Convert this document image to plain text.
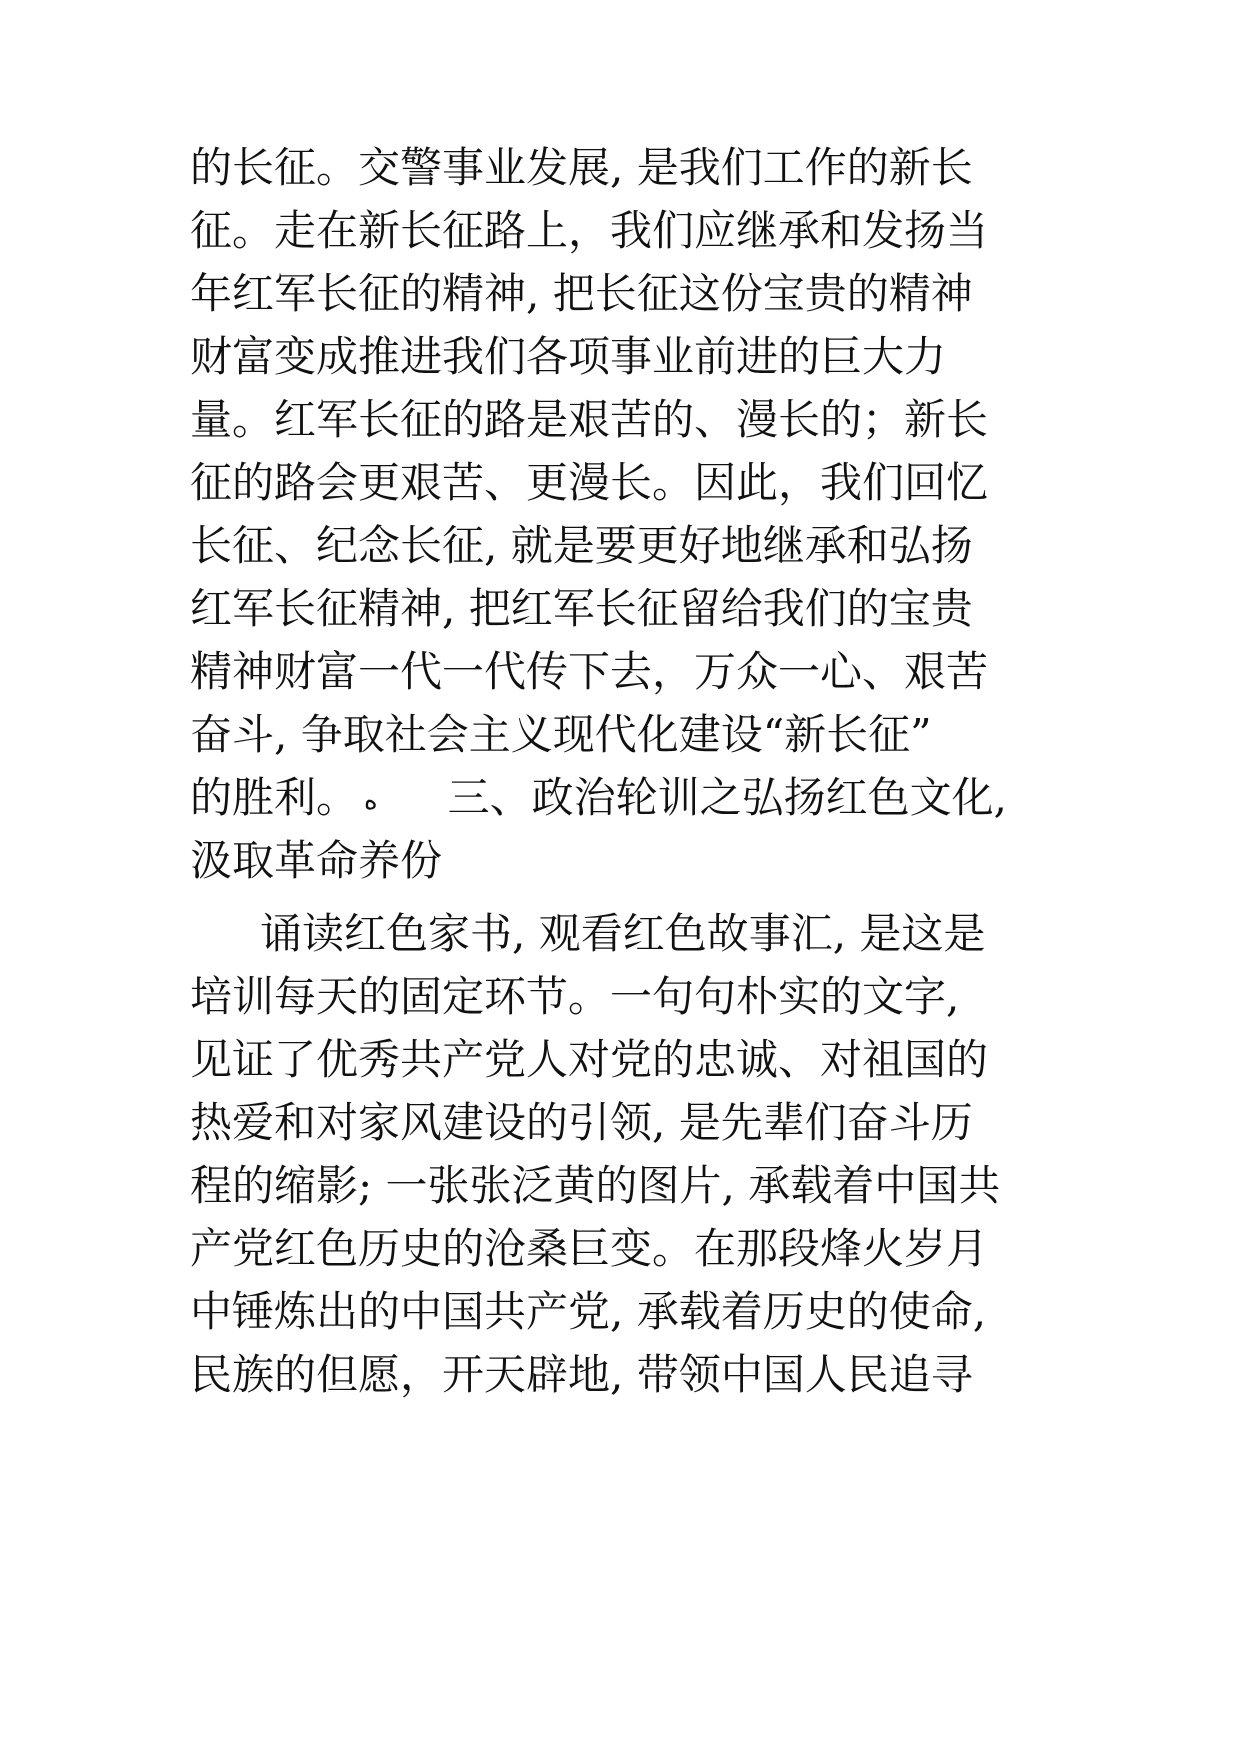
的长征。交警事业发展, 是我们工作的新长
征。走在新长征路上，我们应继承和发扬当
年红军长征的精神, 把长征这份宝贵的精神
财富变成推进我们各项事业前进的巨大力
量。红军长征的路是艰苦的、漫长的；新长
征的路会更艰苦、更漫长。因此，我们回忆
长征、纪念长征, 就是要更好地继承和弘扬
红军长征精神, 把红军长征留给我们的宝贵
精神财富一代一代传下去，万众一心、艰苦
奋斗, 争取社会主义现代化建设“新长征”
的胜利。 ه 三、政治轮训之弘扬红色文化,
汲取革命养份
诵读红色家书, 观看红色故事汇, 是这是
培训每天的固定环节。一句句朴实的文字,
见证了优秀共产党人对党的忠诚、对祖国的
热爱和对家风建设的引领, 是先辈们奋斗历
程的缩影; 一张张泛黄的图片, 承载着中国共
产党红色历史的沧桑巨变。在那段烽火岁月
中锤炼出的中国共产党, 承载着历史的使命,
民族的但愿，开天辟地, 带领中国人民追寻
